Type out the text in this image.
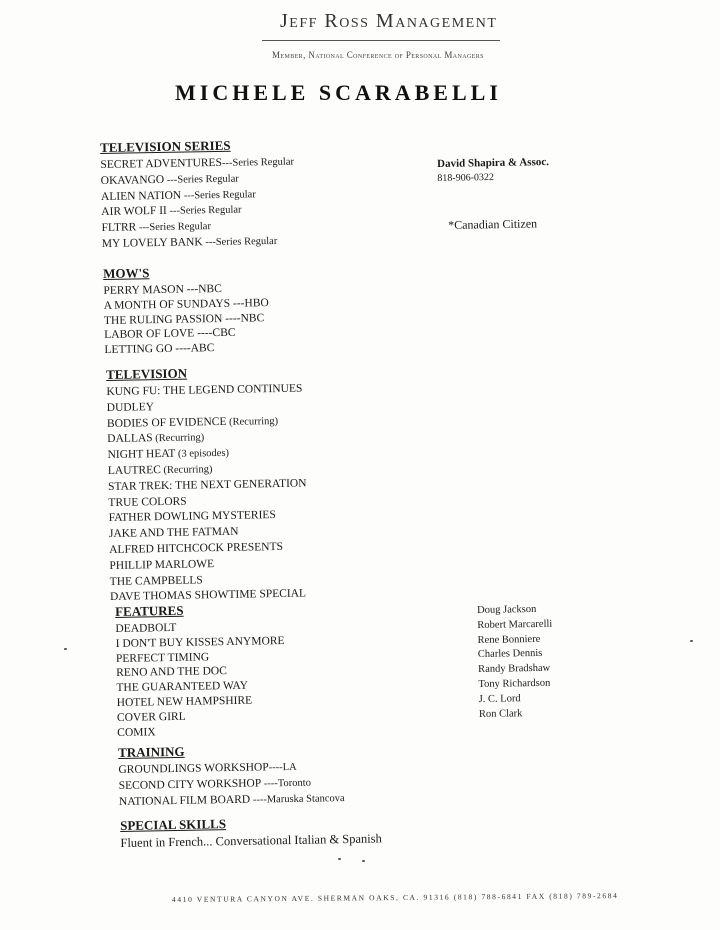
Jeff Ross Management
Member, National Conference of Personal Managers
MICHELE SCARABELLI
David Shapira & Assoc.
818-906-0322
*Canadian Citizen
TELEVISION SERIES
SECRET ADVENTURES---Series Regular
OKAVANGO ---Series Regular
ALIEN NATION ---Series Regular
AIR WOLF II ---Series Regular
FLTRR ---Series Regular
MY LOVELY BANK ---Series Regular
MOW'S
PERRY MASON ---NBC
A MONTH OF SUNDAYS ---HBO
THE RULING PASSION ----NBC
LABOR OF LOVE ----CBC
LETTING GO ----ABC
TELEVISION
KUNG FU: THE LEGEND CONTINUES
DUDLEY
BODIES OF EVIDENCE (Recurring)
DALLAS (Recurring)
NIGHT HEAT (3 episodes)
LAUTREC (Recurring)
STAR TREK: THE NEXT GENERATION
TRUE COLORS
FATHER DOWLING MYSTERIES
JAKE AND THE FATMAN
ALFRED HITCHCOCK PRESENTS
PHILLIP MARLOWE
THE CAMPBELLS
DAVE THOMAS SHOWTIME SPECIAL
FEATURES
DEADBOLT
I DON'T BUY KISSES ANYMORE
PERFECT TIMING
RENO AND THE DOC
THE GUARANTEED WAY
HOTEL NEW HAMPSHIRE
COVER GIRL
COMIX
Doug Jackson
Robert Marcarelli
Rene Bonniere
Charles Dennis
Randy Bradshaw
Tony Richardson
J. C. Lord
Ron Clark
TRAINING
GROUNDLINGS WORKSHOP----LA
SECOND CITY WORKSHOP ----Toronto
NATIONAL FILM BOARD ----Maruska Stancova
SPECIAL SKILLS
Fluent in French... Conversational Italian & Spanish
4410 VENTURA CANYON AVE. SHERMAN OAKS, CA. 91316 (818) 788-6841 FAX (818) 789-2684
